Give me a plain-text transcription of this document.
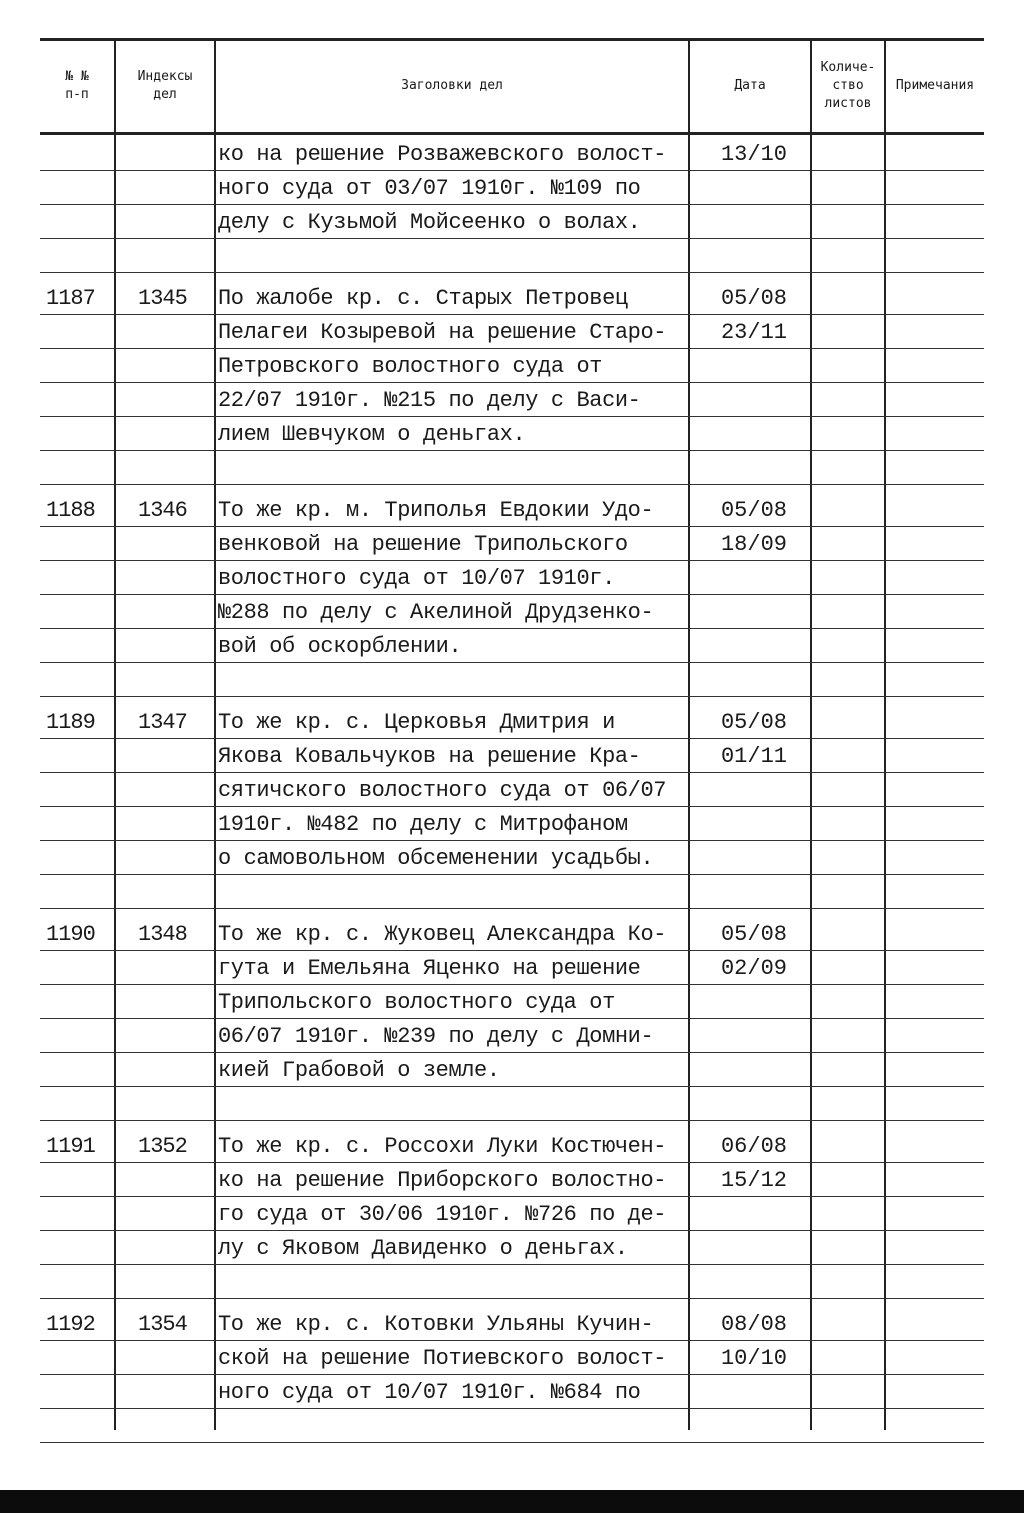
№ №
п-п
Индексы
дел
Заголовки дел	Дата
Количе-
ство
листов
Примечания
ко на решение Розважевского волост-
ного суда от 03/07 1910г. №109 по
делу с Кузьмой Мойсеенко о волах.
13/10
1187 1345 По жалобе кр. с. Старых Петровец
Пелагеи Козыревой на решение Старо-
Петровского волостного суда от
22/07 1910г. №215 по делу с Васи-
лием Шевчуком о деньгах.
05/08
23/11
1188 1346 То же кр. м. Триполья Евдокии Удо-
венковой на решение Трипольского
волостного суда от 10/07 1910г.
№288 по делу с Акелиной Друдзенко-
вой об оскорблении.
05/08
18/09
1189 1347 То же кр. с. Церковья Дмитрия и
Якова Ковальчуков на решение Кра-
сятичского волостного суда от 06/07
1910г. №482 по делу с Митрофаном
о самовольном обсеменении усадьбы.
05/08
01/11
1190 1348 То же кр. с. Жуковец Александра Ко-
гута и Емельяна Яценко на решение
Трипольского волостного суда от
06/07 1910г. №239 по делу с Домни-
кией Грабовой о земле.
05/08
02/09
1191 1352 То же кр. с. Россохи Луки Костючен-
ко на решение Приборского волостно-
го суда от 30/06 1910г. №726 по де-
лу с Яковом Давиденко о деньгах.
06/08
15/12
1192 1354 То же кр. с. Котовки Ульяны Кучин-
ской на решение Потиевского волост-
ного суда от 10/07 1910г. №684 по
08/08
10/10
